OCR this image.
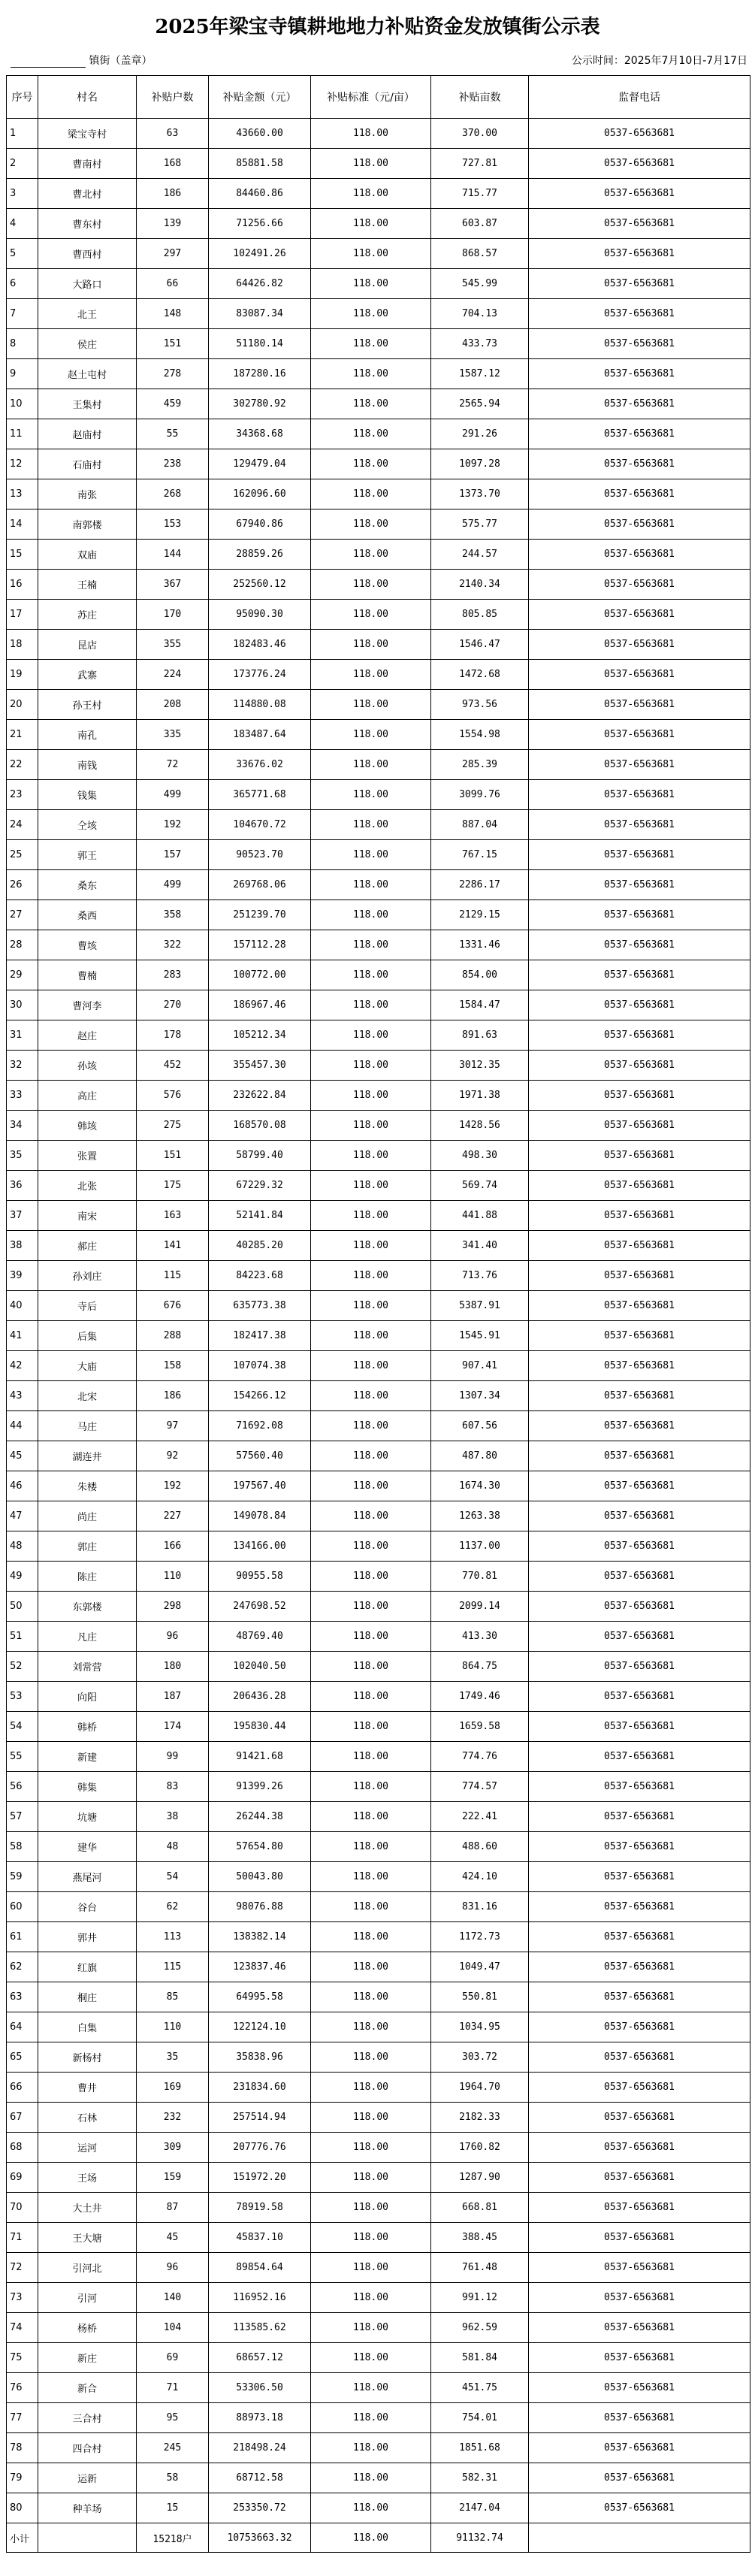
2025年梁宝寺镇耕地地力补贴资金发放镇街公示表
镇街（盖章）	公示时间：2025年7月10日-7月17日
序号	村名	补贴户数	补贴金额（元）	补贴标准（元/亩）	补贴亩数	监督电话
1	梁宝寺村	63	43660.00	118.00	370.00	0537-6563681
2	曹南村	168	85881.58	118.00	727.81	0537-6563681
3	曹北村	186	84460.86	118.00	715.77	0537-6563681
4	曹东村	139	71256.66	118.00	603.87	0537-6563681
5	曹西村	297	102491.26	118.00	868.57	0537-6563681
6	大路口	66	64426.82	118.00	545.99	0537-6563681
7	北王	148	83087.34	118.00	704.13	0537-6563681
8	侯庄	151	51180.14	118.00	433.73	0537-6563681
9	赵土屯村	278	187280.16	118.00	1587.12	0537-6563681
10	王集村	459	302780.92	118.00	2565.94	0537-6563681
11	赵庙村	55	34368.68	118.00	291.26	0537-6563681
12	石庙村	238	129479.04	118.00	1097.28	0537-6563681
13	南张	268	162096.60	118.00	1373.70	0537-6563681
14	南郭楼	153	67940.86	118.00	575.77	0537-6563681
15	双庙	144	28859.26	118.00	244.57	0537-6563681
16	王楠	367	252560.12	118.00	2140.34	0537-6563681
17	苏庄	170	95090.30	118.00	805.85	0537-6563681
18	昆店	355	182483.46	118.00	1546.47	0537-6563681
19	武寨	224	173776.24	118.00	1472.68	0537-6563681
20	孙王村	208	114880.08	118.00	973.56	0537-6563681
21	南孔	335	183487.64	118.00	1554.98	0537-6563681
22	南钱	72	33676.02	118.00	285.39	0537-6563681
23	钱集	499	365771.68	118.00	3099.76	0537-6563681
24	仝垓	192	104670.72	118.00	887.04	0537-6563681
25	郭王	157	90523.70	118.00	767.15	0537-6563681
26	桑东	499	269768.06	118.00	2286.17	0537-6563681
27	桑西	358	251239.70	118.00	2129.15	0537-6563681
28	曹垓	322	157112.28	118.00	1331.46	0537-6563681
29	曹楠	283	100772.00	118.00	854.00	0537-6563681
30	曹河李	270	186967.46	118.00	1584.47	0537-6563681
31	赵庄	178	105212.34	118.00	891.63	0537-6563681
32	孙垓	452	355457.30	118.00	3012.35	0537-6563681
33	高庄	576	232622.84	118.00	1971.38	0537-6563681
34	韩垓	275	168570.08	118.00	1428.56	0537-6563681
35	张置	151	58799.40	118.00	498.30	0537-6563681
36	北张	175	67229.32	118.00	569.74	0537-6563681
37	南宋	163	52141.84	118.00	441.88	0537-6563681
38	郝庄	141	40285.20	118.00	341.40	0537-6563681
39	孙刘庄	115	84223.68	118.00	713.76	0537-6563681
40	寺后	676	635773.38	118.00	5387.91	0537-6563681
41	后集	288	182417.38	118.00	1545.91	0537-6563681
42	大庙	158	107074.38	118.00	907.41	0537-6563681
43	北宋	186	154266.12	118.00	1307.34	0537-6563681
44	马庄	97	71692.08	118.00	607.56	0537-6563681
45	湖连井	92	57560.40	118.00	487.80	0537-6563681
46	朱楼	192	197567.40	118.00	1674.30	0537-6563681
47	尚庄	227	149078.84	118.00	1263.38	0537-6563681
48	郭庄	166	134166.00	118.00	1137.00	0537-6563681
49	陈庄	110	90955.58	118.00	770.81	0537-6563681
50	东郭楼	298	247698.52	118.00	2099.14	0537-6563681
51	凡庄	96	48769.40	118.00	413.30	0537-6563681
52	刘常营	180	102040.50	118.00	864.75	0537-6563681
53	向阳	187	206436.28	118.00	1749.46	0537-6563681
54	韩桥	174	195830.44	118.00	1659.58	0537-6563681
55	新建	99	91421.68	118.00	774.76	0537-6563681
56	韩集	83	91399.26	118.00	774.57	0537-6563681
57	坑塘	38	26244.38	118.00	222.41	0537-6563681
58	建华	48	57654.80	118.00	488.60	0537-6563681
59	燕尾河	54	50043.80	118.00	424.10	0537-6563681
60	谷台	62	98076.88	118.00	831.16	0537-6563681
61	郭井	113	138382.14	118.00	1172.73	0537-6563681
62	红旗	115	123837.46	118.00	1049.47	0537-6563681
63	桐庄	85	64995.58	118.00	550.81	0537-6563681
64	白集	110	122124.10	118.00	1034.95	0537-6563681
65	新杨村	35	35838.96	118.00	303.72	0537-6563681
66	曹井	169	231834.60	118.00	1964.70	0537-6563681
67	石林	232	257514.94	118.00	2182.33	0537-6563681
68	运河	309	207776.76	118.00	1760.82	0537-6563681
69	王场	159	151972.20	118.00	1287.90	0537-6563681
70	大土井	87	78919.58	118.00	668.81	0537-6563681
71	王大塘	45	45837.10	118.00	388.45	0537-6563681
72	引河北	96	89854.64	118.00	761.48	0537-6563681
73	引河	140	116952.16	118.00	991.12	0537-6563681
74	杨桥	104	113585.62	118.00	962.59	0537-6563681
75	新庄	69	68657.12	118.00	581.84	0537-6563681
76	新合	71	53306.50	118.00	451.75	0537-6563681
77	三合村	95	88973.18	118.00	754.01	0537-6563681
78	四合村	245	218498.24	118.00	1851.68	0537-6563681
79	运新	58	68712.58	118.00	582.31	0537-6563681
80	种羊场	15	253350.72	118.00	2147.04	0537-6563681
小计		15218户	10753663.32	118.00	91132.74	
